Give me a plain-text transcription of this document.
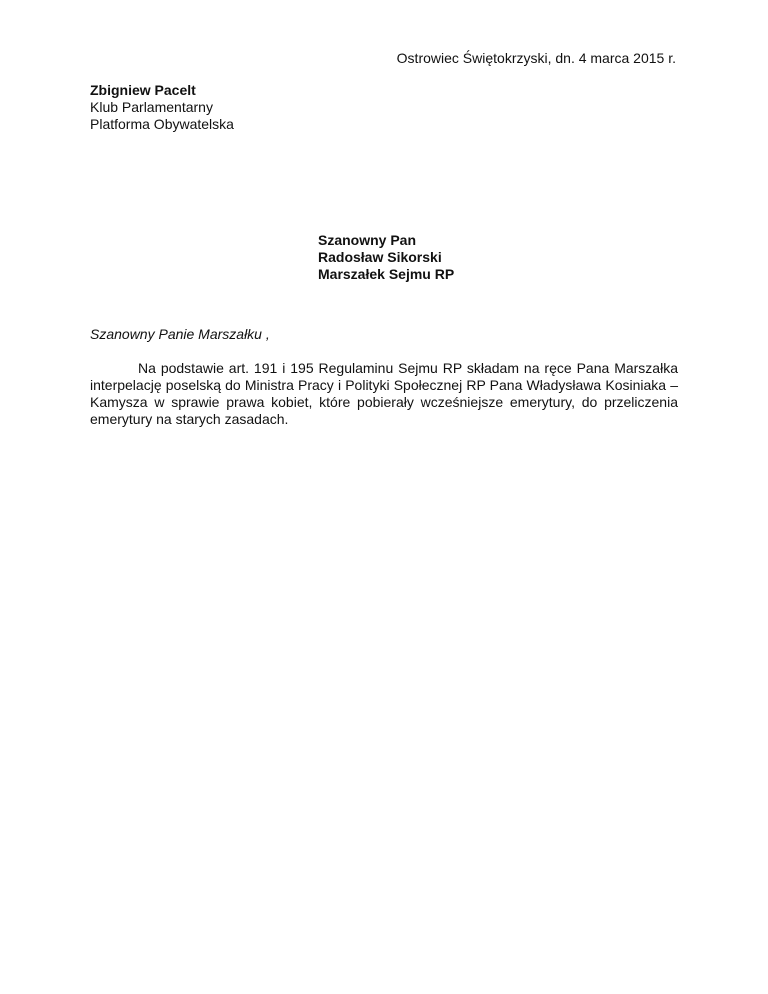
Ostrowiec Świętokrzyski, dn. 4 marca 2015 r.
Zbigniew Pacelt
Klub Parlamentarny
Platforma Obywatelska
Szanowny Pan
Radosław Sikorski
Marszałek Sejmu RP
Szanowny Panie Marszałku ,

Na podstawie art. 191 i 195 Regulaminu Sejmu RP składam na ręce Pana Marszałka interpelację poselską do Ministra Pracy i Polityki Społecznej RP Pana Władysława Kosiniaka – Kamysza w sprawie prawa kobiet, które pobierały wcześniejsze emerytury, do przeliczenia emerytury na starych zasadach.
